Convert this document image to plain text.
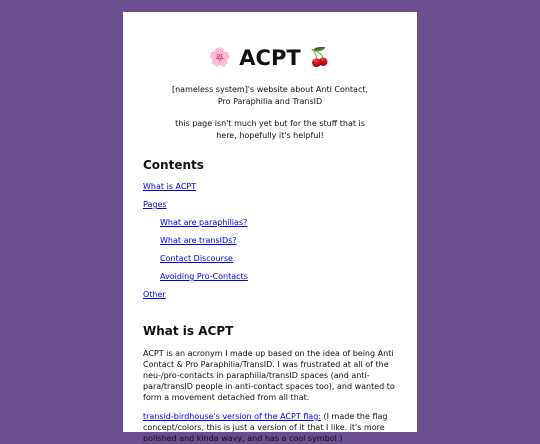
🌸 ACPT 🍒

[nameless system]'s website about Anti Contact, Pro Paraphilia and TransID

this page isn't much yet but for the stuff that is here, hopefully it's helpful!

Contents
What is ACPT
Pages
What are paraphilias?
What are transIDs?
Contact Discourse
Avoiding Pro-Contacts
Other
What is ACPT

ACPT is an acronym I made up based on the idea of being Anti Contact & Pro Paraphilia/TransID. I was frustrated at all of the neu-/pro-contacts in paraphilia/transID spaces (and anti-para/transID people in anti-contact spaces too), and wanted to form a movement detached from all that.

transid-birdhouse's version of the ACPT flag: (I made the flag concept/colors, this is just a version of it that I like. it's more polished and kinda wavy, and has a cool symbol.)
